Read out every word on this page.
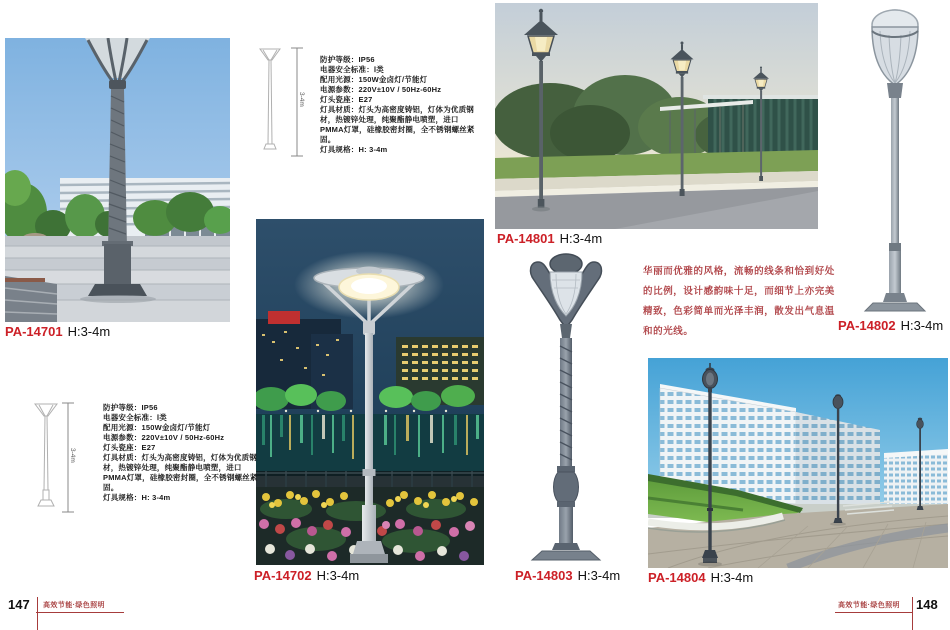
PA-14701 H:3-4m
3-4m
防护等级：IP56
电器安全标准：Ⅰ类
配用光源：150W金卤灯/节能灯
电源参数：220V±10V / 50Hz-60Hz
灯头瓷座：E27
灯具材质：灯头为高密度铸铝，灯体为优质钢材，热镀锌处理，纯聚酯静电喷塑，进口PMMA灯罩，硅橡胶密封圈，全不锈钢螺丝紧固。
灯具规格：H: 3-4m
PA-14801 H:3-4m
PA-14802 H:3-4m
华丽而优雅的风格，流畅的线条和恰到好处的比例，设计感韵味十足，而细节上亦完美精致，色彩简单而光泽丰润，散发出气息温和的光线。
PA-14702 H:3-4m	PA-14803 H:3-4m PA-14804 H:3-4m
3-4m
防护等级：IP56
电器安全标准：Ⅰ类
配用光源：150W金卤灯/节能灯
电源参数：220V±10V / 50Hz-60Hz
灯头瓷座：E27
灯具材质：灯头为高密度铸铝，灯体为优质钢材，热镀锌处理，纯聚酯静电喷塑，进口PMMA灯罩，硅橡胶密封圈，全不锈钢螺丝紧固。
灯具规格：H: 3-4m
147 高效节能·绿色照明	高效节能·绿色照明 148
